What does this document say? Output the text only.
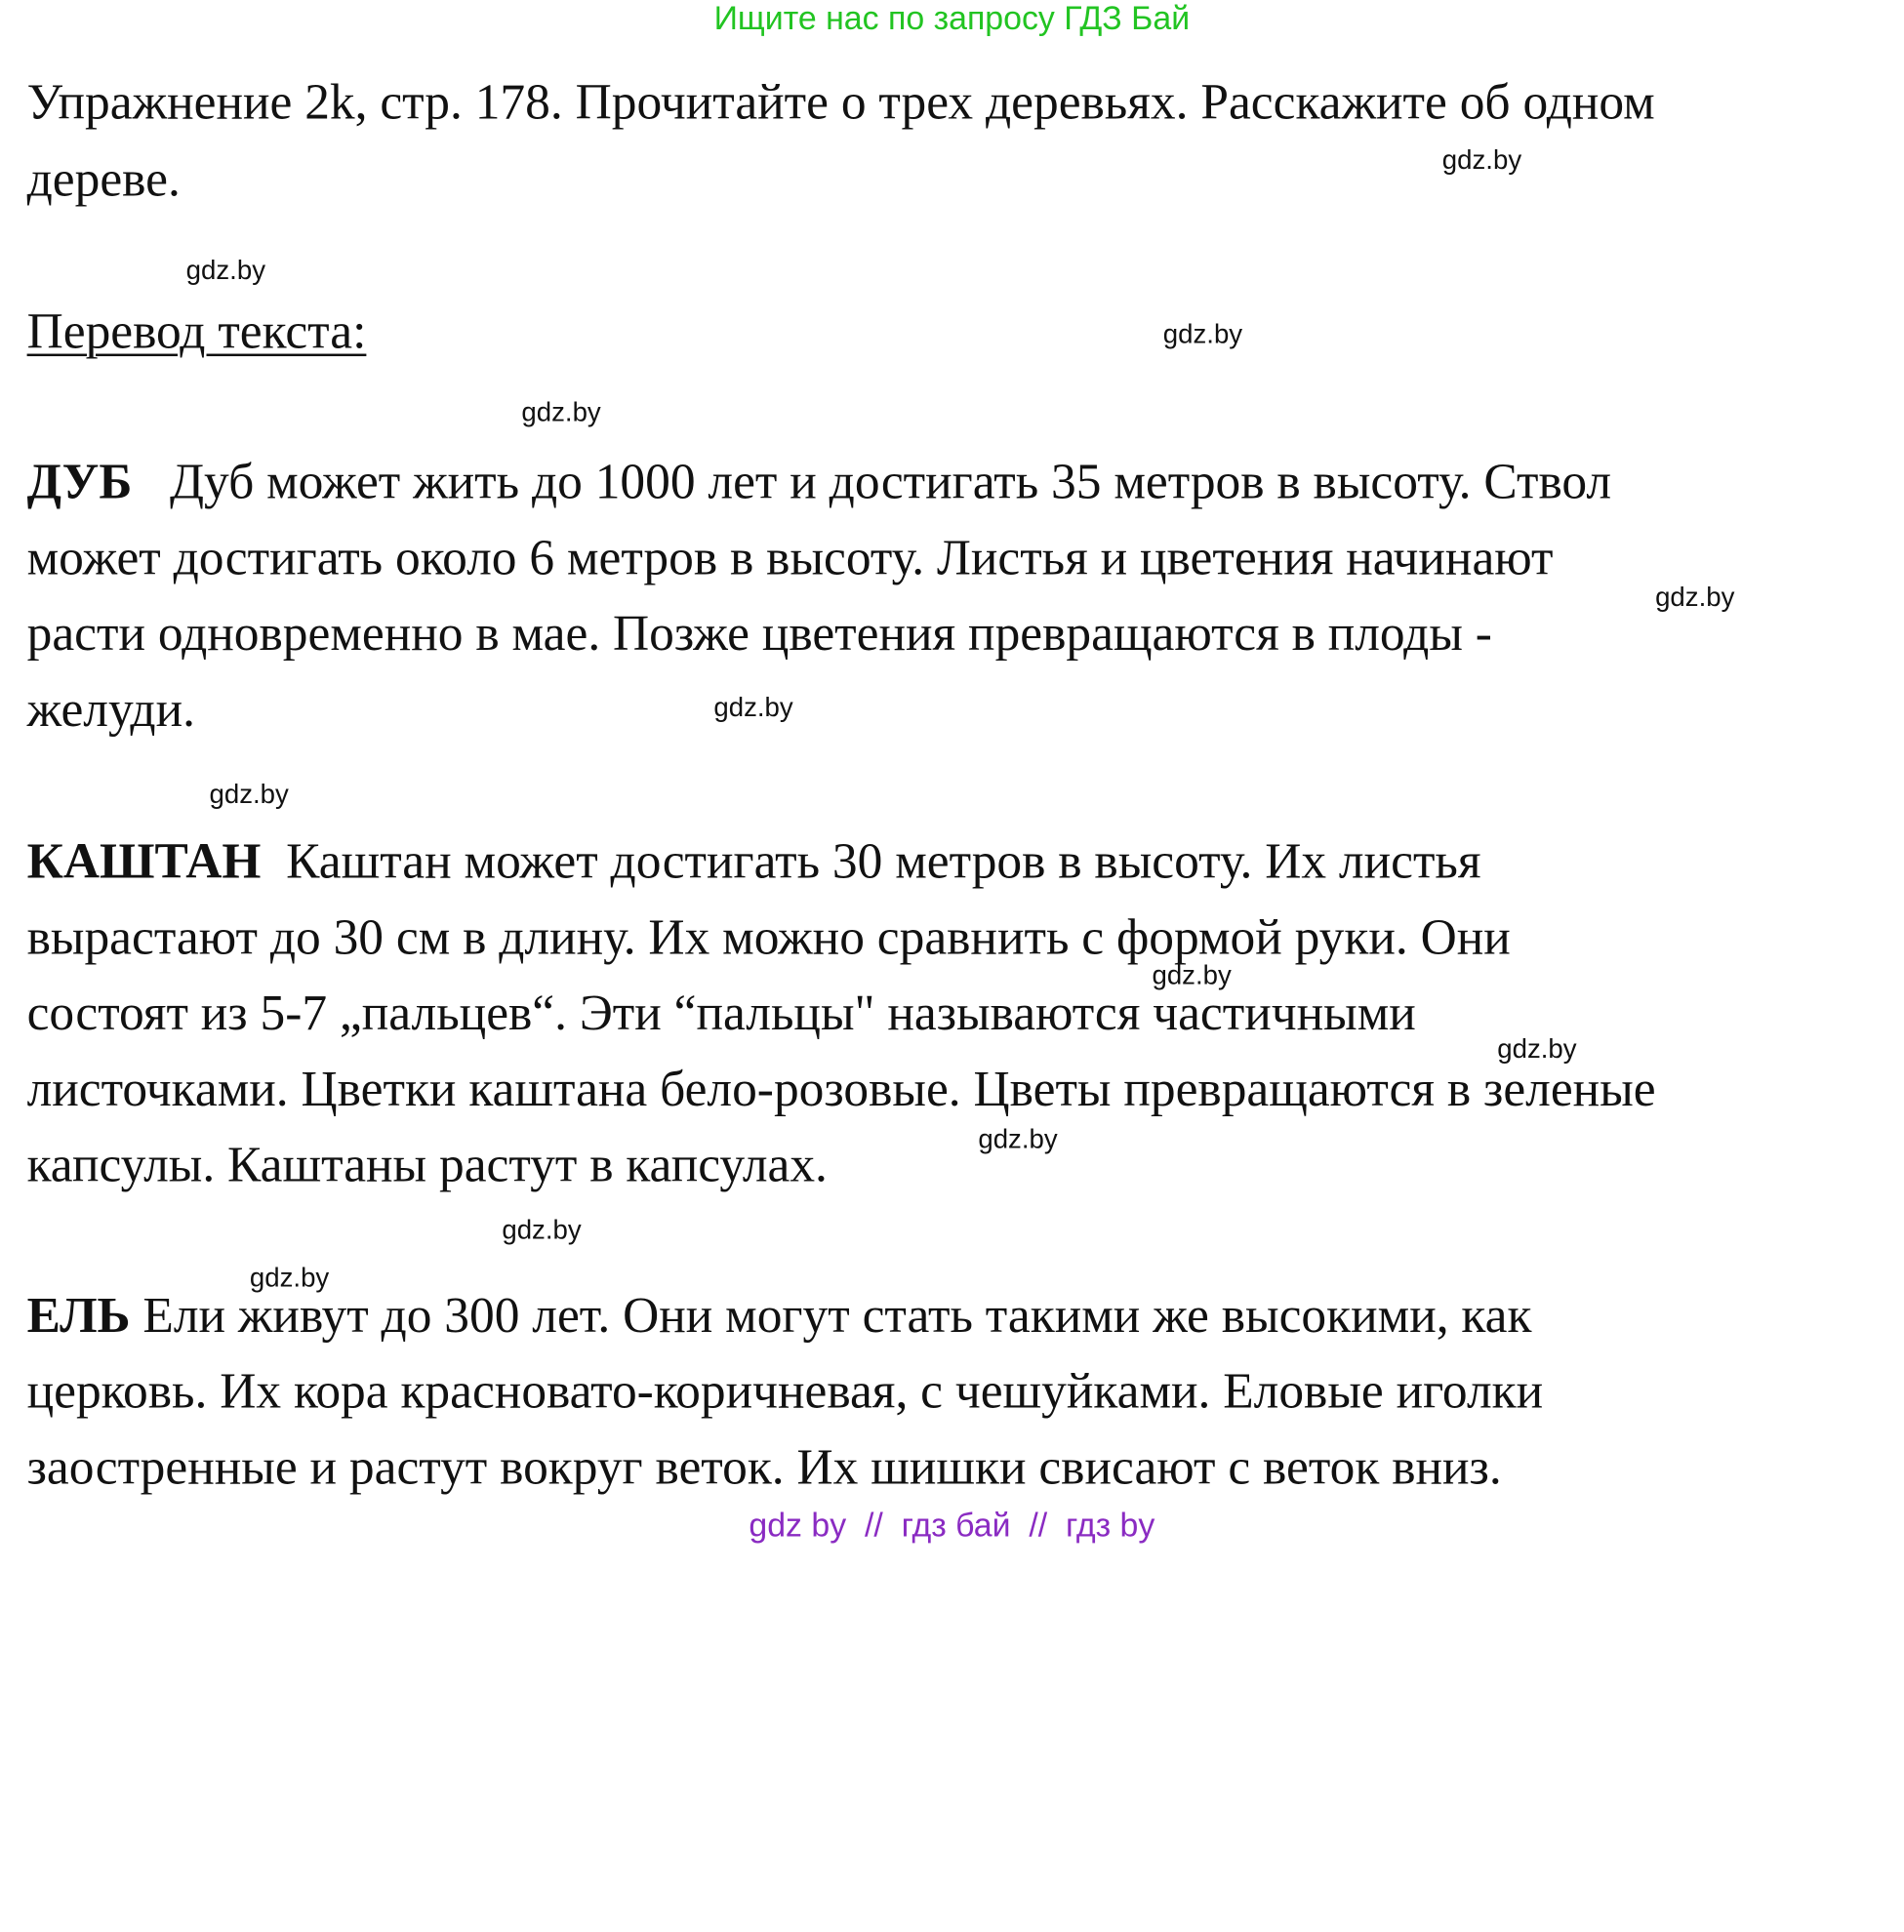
Ищите нас по запросу ГДЗ Бай
Упражнение 2k, стр. 178. Прочитайте о трех деревьях. Расскажите об одном
дереве.
Перевод текста:
ДУБ Дуб может жить до 1000 лет и достигать 35 метров в высоту. Ствол
может достигать около 6 метров в высоту. Листья и цветения начинают
расти одновременно в мае. Позже цветения превращаются в плоды -
желуди.
КАШТАН Каштан может достигать 30 метров в высоту. Их листья
вырастают до 30 см в длину. Их можно сравнить с формой руки. Они
состоят из 5-7 „пальцев“. Эти “пальцы" называются частичными
листочками. Цветки каштана бело-розовые. Цветы превращаются в зеленые
капсулы. Каштаны растут в капсулах.
ЕЛЬ Ели живут до 300 лет. Они могут стать такими же высокими, как
церковь. Их кора красновато-коричневая, с чешуйками. Еловые иголки
заостренные и растут вокруг веток. Их шишки свисают с веток вниз.
gdz.by
gdz.by
gdz.by
gdz.by
gdz.by
gdz.by
gdz.by
gdz.by
gdz.by
gdz.by
gdz.by
gdz.by
gdz by  //  гдз бай  //  гдз by
